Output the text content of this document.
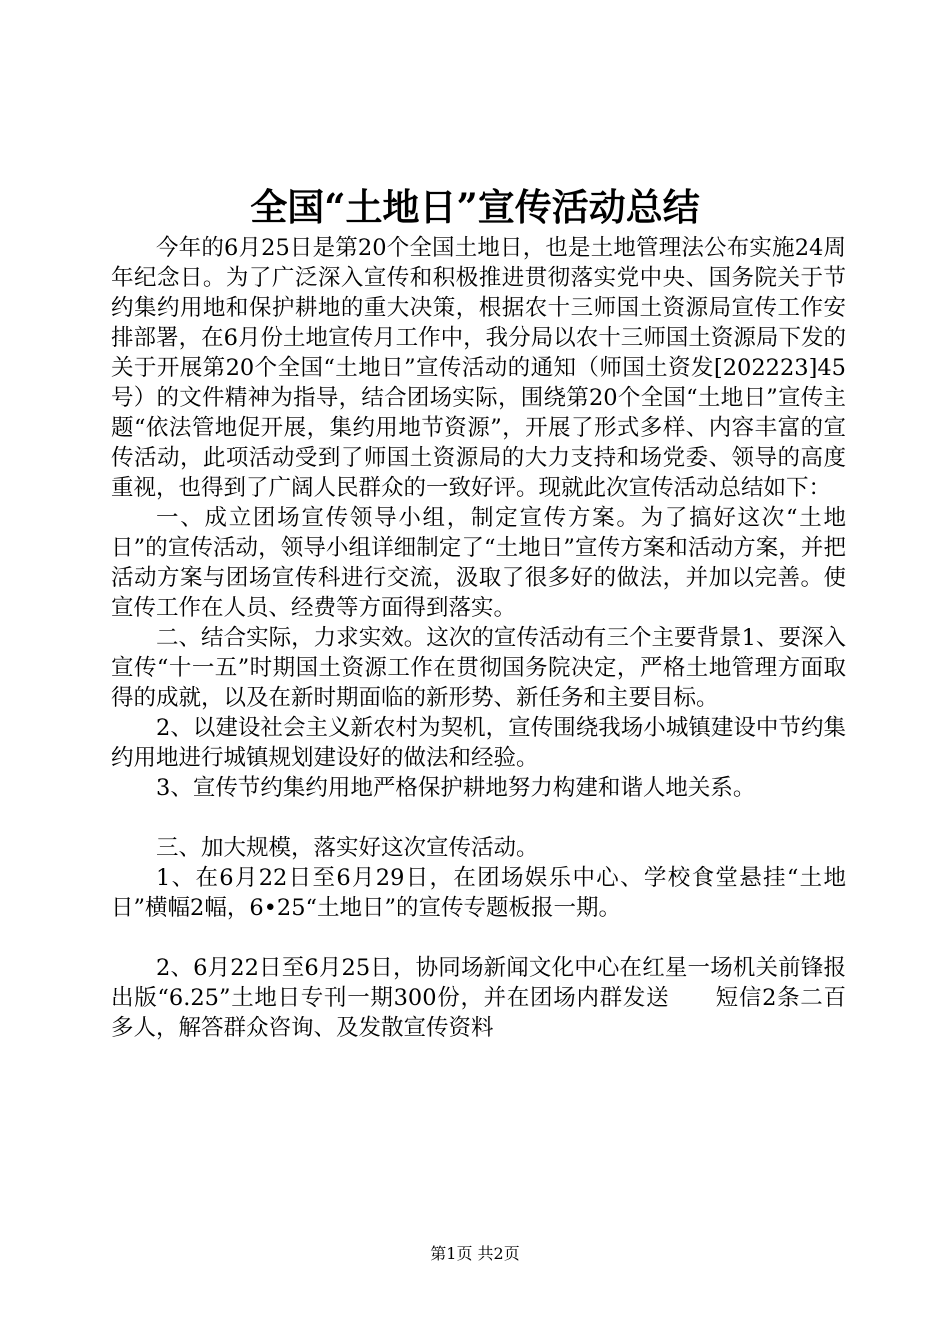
全国“土地日”宣传活动总结

今年的6月25日是第20个全国土地日，也是土地管理法公布实施24周年纪念日。为了广泛深入宣传和积极推进贯彻落实党中央、国务院关于节约集约用地和保护耕地的重大决策，根据农十三师国土资源局宣传工作安排部署，在6月份土地宣传月工作中，我分局以农十三师国土资源局下发的关于开展第20个全国“土地日”宣传活动的通知（师国土资发[202223]45号）的文件精神为指导，结合团场实际，围绕第20个全国“土地日”宣传主题“依法管地促开展，集约用地节资源”，开展了形式多样、内容丰富的宣传活动，此项活动受到了师国土资源局的大力支持和场党委、领导的高度重视，也得到了广阔人民群众的一致好评。现就此次宣传活动总结如下：

一、成立团场宣传领导小组，制定宣传方案。为了搞好这次“土地日”的宣传活动，领导小组详细制定了“土地日”宣传方案和活动方案，并把活动方案与团场宣传科进行交流，汲取了很多好的做法，并加以完善。使宣传工作在人员、经费等方面得到落实。

二、结合实际，力求实效。这次的宣传活动有三个主要背景1、要深入宣传“十一五”时期国土资源工作在贯彻国务院决定，严格土地管理方面取得的成就，以及在新时期面临的新形势、新任务和主要目标。

2、以建设社会主义新农村为契机，宣传围绕我场小城镇建设中节约集约用地进行城镇规划建设好的做法和经验。

3、宣传节约集约用地严格保护耕地努力构建和谐人地关系。

三、加大规模，落实好这次宣传活动。

1、在6月22日至6月29日，在团场娱乐中心、学校食堂悬挂“土地日”横幅2幅，6•25“土地日”的宣传专题板报一期。

2、6月22日至6月25日，协同场新闻文化中心在红星一场机关前锋报出版“6.25”土地日专刊一期300份，并在团场内群发送　　短信2条二百多人，解答群众咨询、及发散宣传资料

第1页 共2页
